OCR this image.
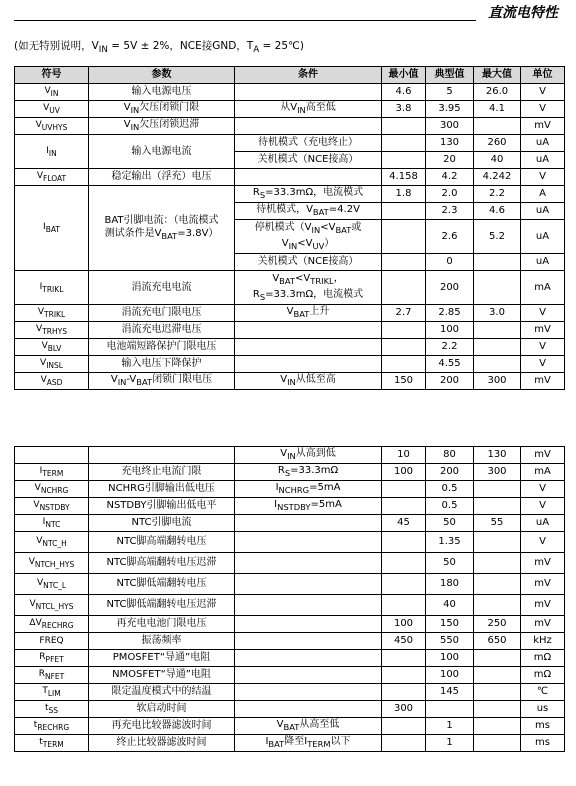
直流电特性
(如无特别说明，$V_{IN} = 5V \pm 2\%$，NCE接GND，$T_A$ = 25℃)
符号	参数	条件	最小值	典型值	最大值	单位
$V_{IN}$	输入电源电压		4.6	5	26.0	V
$V_{UV}$	$V_{IN}$欠压闭锁门限	从$V_{IN}$高至低	3.8	3.95	4.1	V
$V_{UVHYS}$	$V_{IN}$欠压闭锁迟滞			300		mV
$I_{IN}$	输入电源电流	待机模式（充电终止）		130	260	uA
		关机模式（NCE接高）		20	40	uA
$V_{FLOAT}$	稳定输出（浮充）电压		4.158	4.2	4.242	V
$I_{BAT}$	BAT引脚电流：（电流模式
测试条件是$V_{BAT}=3.8V$）	$R_S=33.3m\Omega$，电流模式	1.8	2.0	2.2	A
		待机模式，$V_{BAT}=4.2V$		2.3	4.6	uA
		停机模式（$V_{IN}<V_{BAT}$或
$V_{IN}<V_{UV}$）		2.6	5.2	uA
		关机模式（NCE接高）		0		uA
$I_{TRIKL}$	涓流充电电流	$V_{BAT}<V_{TRIKL}$，
$R_S=33.3m\Omega$，电流模式		200		mA
$V_{TRIKL}$	涓流充电门限电压	$V_{BAT}$上升	2.7	2.85	3.0	V
$V_{TRHYS}$	涓流充电迟滞电压			100		mV
$V_{BLV}$	电池端短路保护门限电压			2.2		V
$V_{INSL}$	输入电压下降保护			4.55		V
$V_{ASD}$	$V_{IN}-V_{BAT}$闭锁门限电压	$V_{IN}$从低至高	150	200	300	mV
		$V_{IN}$从高到低	10	80	130	mV
$I_{TERM}$	充电终止电流门限	$R_S=33.3m\Omega$	100	200	300	mA
$V_{NCHRG}$	NCHRG引脚输出低电压	$I_{NCHRG}=5mA$		0.5		V
$V_{NSTDBY}$	NSTDBY引脚输出低电平	$I_{NSTDBY}=5mA$		0.5		V
$I_{NTC}$	NTC引脚电流		45	50	55	uA
$V_{NTC\_H}$	NTC脚高端翻转电压			1.35		V
$V_{NTCH\_HYS}$	NTC脚高端翻转电压迟滞			50		mV
$V_{NTC\_L}$	NTC脚低端翻转电压			180		mV
$V_{NTCL\_HYS}$	NTC脚低端翻转电压迟滞			40		mV
$\Delta V_{RECHRG}$	再充电电池门限电压		100	150	250	mV
FREQ	振荡频率		450	550	650	kHz
$R_{PFET}$	PMOSFET“导通”电阻			100		mΩ
$R_{NFET}$	NMOSFET“导通”电阻			100		mΩ
$T_{LIM}$	限定温度模式中的结温			145		℃
$t_{SS}$	软启动时间		300			us
$t_{RECHRG}$	再充电比较器滤波时间	$V_{BAT}$从高至低		1		ms
$t_{TERM}$	终止比较器滤波时间	$I_{BAT}$降至$I_{TERM}$以下		1		ms
